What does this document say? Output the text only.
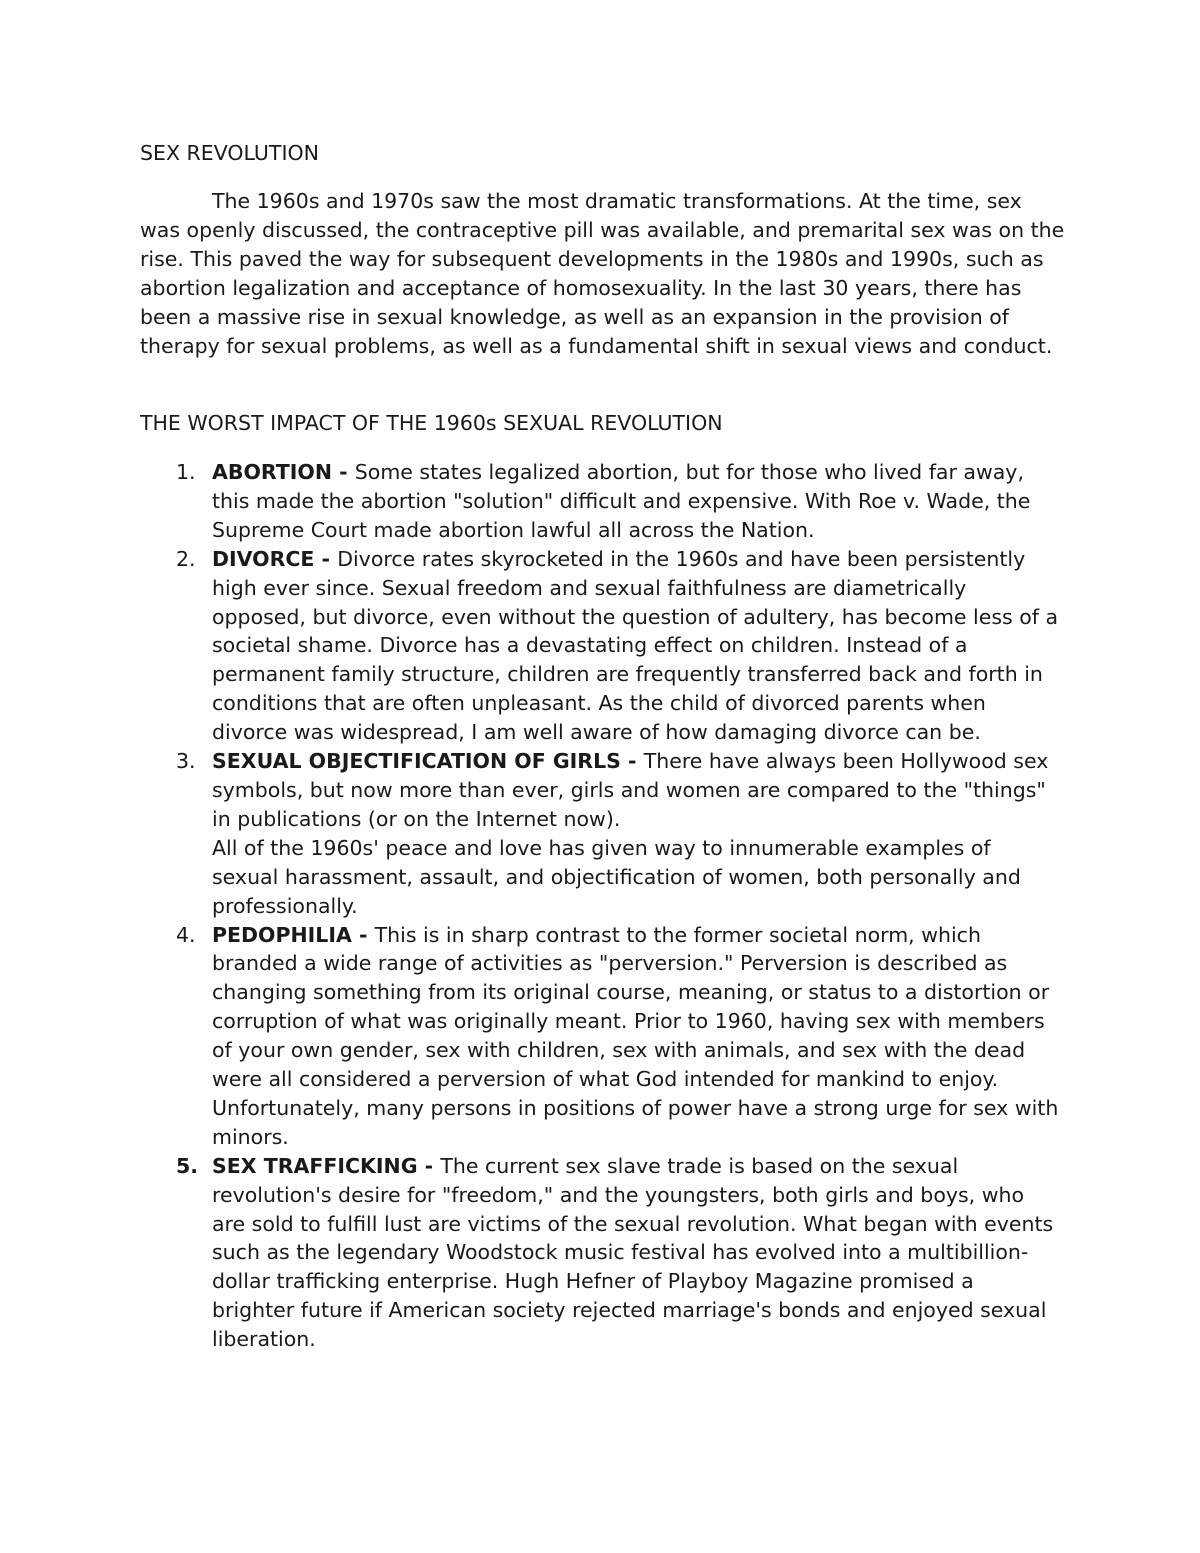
SEX REVOLUTION

The 1960s and 1970s saw the most dramatic transformations. At the time, sex was openly discussed, the contraceptive pill was available, and premarital sex was on the rise. This paved the way for subsequent developments in the 1980s and 1990s, such as abortion legalization and acceptance of homosexuality. In the last 30 years, there has been a massive rise in sexual knowledge, as well as an expansion in the provision of therapy for sexual problems, as well as a fundamental shift in sexual views and conduct.

THE WORST IMPACT OF THE 1960s SEXUAL REVOLUTION
1. ABORTION - Some states legalized abortion, but for those who lived far away, this made the abortion "solution" difficult and expensive. With Roe v. Wade, the Supreme Court made abortion lawful all across the Nation.
2. DIVORCE - Divorce rates skyrocketed in the 1960s and have been persistently high ever since. Sexual freedom and sexual faithfulness are diametrically opposed, but divorce, even without the question of adultery, has become less of a societal shame. Divorce has a devastating effect on children. Instead of a permanent family structure, children are frequently transferred back and forth in conditions that are often unpleasant. As the child of divorced parents when divorce was widespread, I am well aware of how damaging divorce can be.
3. SEXUAL OBJECTIFICATION OF GIRLS - There have always been Hollywood sex symbols, but now more than ever, girls and women are compared to the "things" in publications (or on the Internet now).
All of the 1960s' peace and love has given way to innumerable examples of sexual harassment, assault, and objectification of women, both personally and professionally.
4. PEDOPHILIA - This is in sharp contrast to the former societal norm, which branded a wide range of activities as "perversion." Perversion is described as changing something from its original course, meaning, or status to a distortion or corruption of what was originally meant. Prior to 1960, having sex with members of your own gender, sex with children, sex with animals, and sex with the dead were all considered a perversion of what God intended for mankind to enjoy. Unfortunately, many persons in positions of power have a strong urge for sex with minors.
5. SEX TRAFFICKING - The current sex slave trade is based on the sexual revolution's desire for "freedom," and the youngsters, both girls and boys, who are sold to fulfill lust are victims of the sexual revolution. What began with events such as the legendary Woodstock music festival has evolved into a multibillion-dollar trafficking enterprise. Hugh Hefner of Playboy Magazine promised a brighter future if American society rejected marriage's bonds and enjoyed sexual liberation.
